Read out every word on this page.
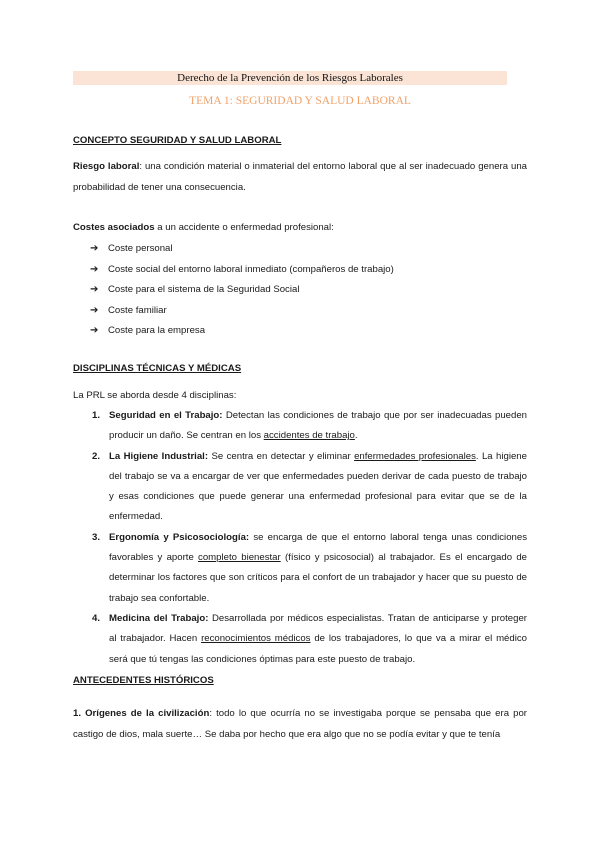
Derecho de la Prevención de los Riesgos Laborales
TEMA 1: SEGURIDAD Y SALUD LABORAL
CONCEPTO SEGURIDAD Y SALUD LABORAL

Riesgo laboral: una condición material o inmaterial del entorno laboral que al ser inadecuado genera una probabilidad de tener una consecuencia.

Costes asociados a un accidente o enfermedad profesional:

➔ Coste personal
➔ Coste social del entorno laboral inmediato (compañeros de trabajo)
➔ Coste para el sistema de la Seguridad Social
➔ Coste familiar
➔ Coste para la empresa
DISCIPLINAS TÉCNICAS Y MÉDICAS

La PRL se aborda desde 4 disciplinas:

1. Seguridad en el Trabajo: Detectan las condiciones de trabajo que por ser inadecuadas pueden producir un daño. Se centran en los accidentes de trabajo.

2. La Higiene Industrial: Se centra en detectar y eliminar enfermedades profesionales. La higiene del trabajo se va a encargar de ver que enfermedades pueden derivar de cada puesto de trabajo y esas condiciones que puede generar una enfermedad profesional para evitar que se de la enfermedad.

3. Ergonomía y Psicosociología: se encarga de que el entorno laboral tenga unas condiciones favorables y aporte completo bienestar (físico y psicosocial) al trabajador. Es el encargado de determinar los factores que son críticos para el confort de un trabajador y hacer que su puesto de trabajo sea confortable.

4. Medicina del Trabajo: Desarrollada por médicos especialistas. Tratan de anticiparse y proteger al trabajador. Hacen reconocimientos médicos de los trabajadores, lo que va a mirar el médico será que tú tengas las condiciones óptimas para este puesto de trabajo.

ANTECEDENTES HISTÓRICOS

1. Orígenes de la civilización: todo lo que ocurría no se investigaba porque se pensaba que era por castigo de dios, mala suerte… Se daba por hecho que era algo que no se podía evitar y que te tenía
